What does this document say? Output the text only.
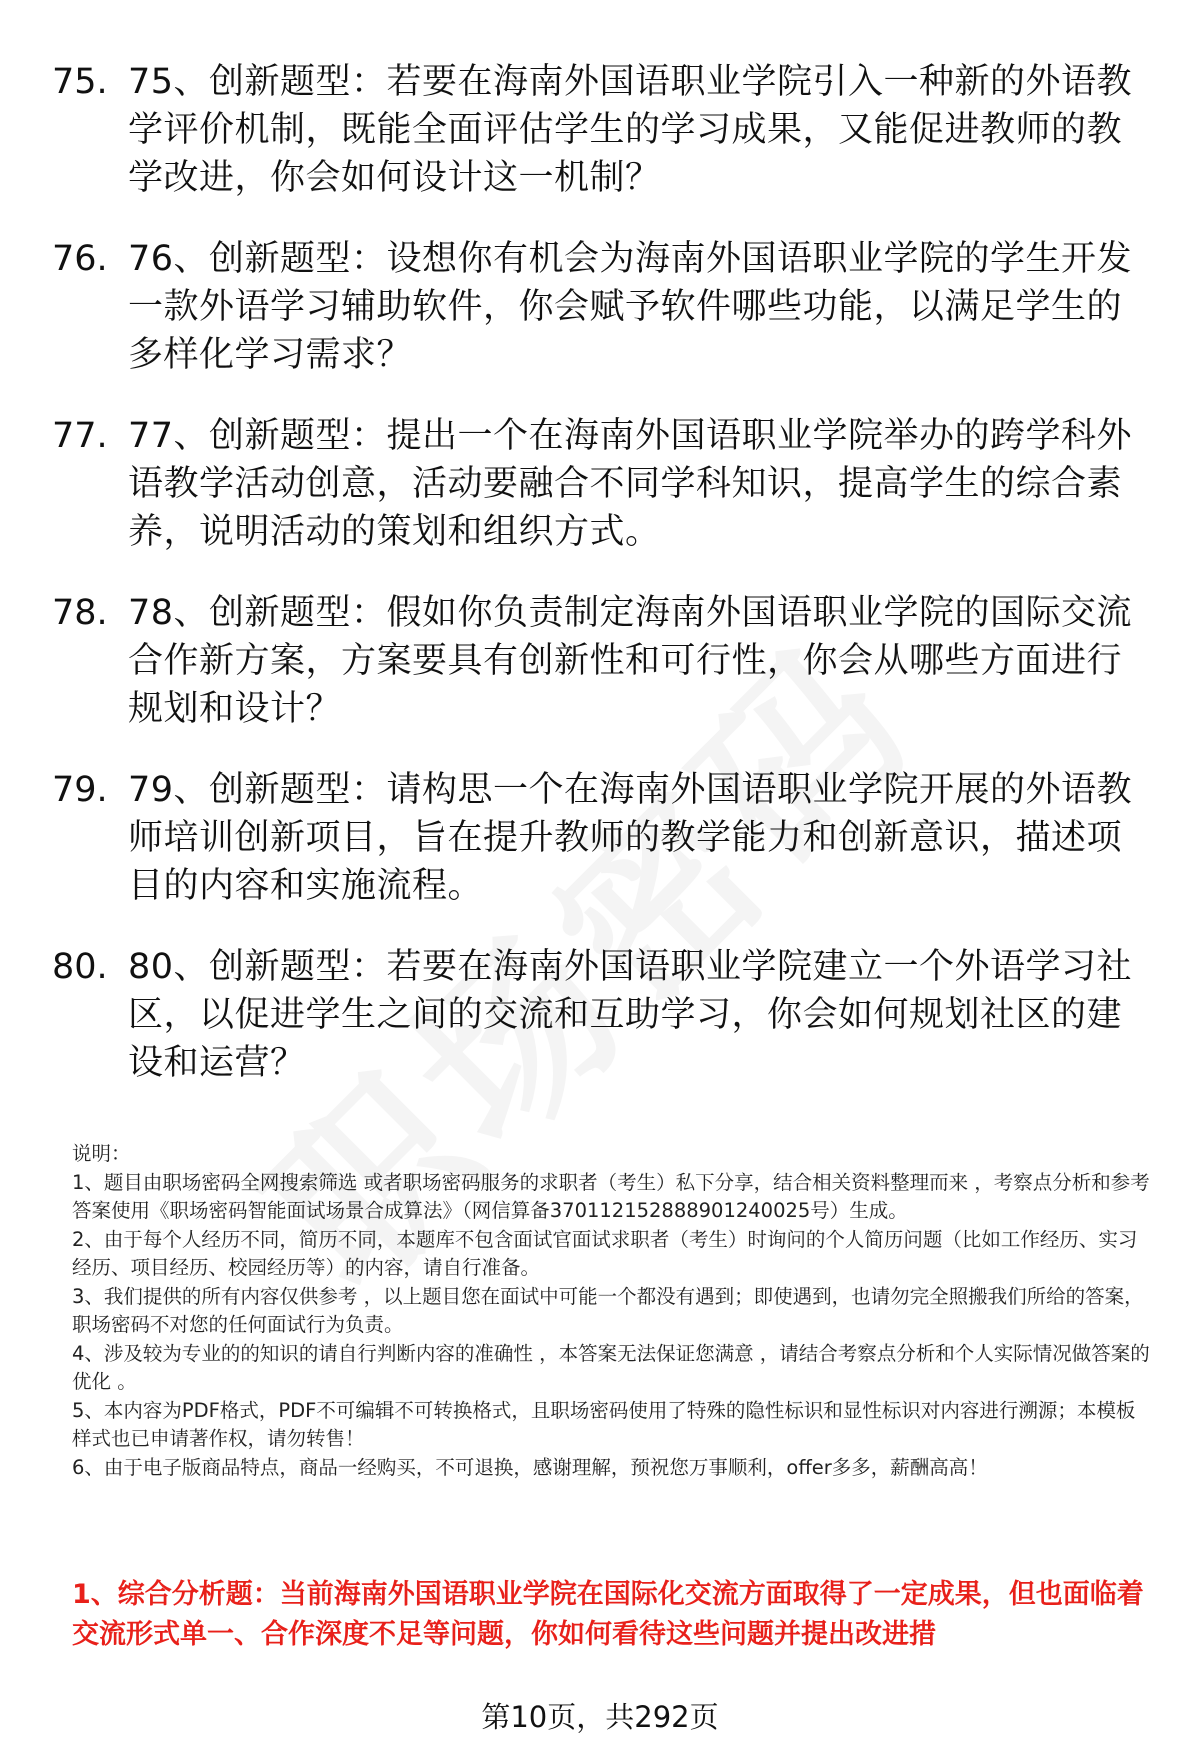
75. 75、创新题型：若要在海南外国语职业学院引入一种新的外语教学评价机制，既能全面评估学生的学习成果，又能促进教师的教学改进，你会如何设计这一机制？
76. 76、创新题型：设想你有机会为海南外国语职业学院的学生开发一款外语学习辅助软件，你会赋予软件哪些功能，以满足学生的多样化学习需求？
77. 77、创新题型：提出一个在海南外国语职业学院举办的跨学科外语教学活动创意，活动要融合不同学科知识，提高学生的综合素养，说明活动的策划和组织方式。
78. 78、创新题型：假如你负责制定海南外国语职业学院的国际交流合作新方案，方案要具有创新性和可行性，你会从哪些方面进行规划和设计？
79. 79、创新题型：请构思一个在海南外国语职业学院开展的外语教师培训创新项目，旨在提升教师的教学能力和创新意识，描述项目的内容和实施流程。
80. 80、创新题型：若要在海南外国语职业学院建立一个外语学习社区，以促进学生之间的交流和互助学习，你会如何规划社区的建设和运营？

说明：

1、题目由职场密码全网搜索筛选 或者职场密码服务的求职者（考生）私下分享，结合相关资料整理而来 ，考察点分析和参考答案使用《职场密码智能面试场景合成算法》（网信算备370112152888901240025号）生成。

2、由于每个人经历不同，简历不同，本题库不包含面试官面试求职者（考生）时询问的个人简历问题（比如工作经历、实习经历、项目经历、校园经历等）的内容，请自行准备。

3、我们提供的所有内容仅供参考 ，以上题目您在面试中可能一个都没有遇到；即使遇到，也请勿完全照搬我们所给的答案，职场密码不对您的任何面试行为负责。

4、涉及较为专业的的知识的请自行判断内容的准确性 ，本答案无法保证您满意 ，请结合考察点分析和个人实际情况做答案的优化 。

5、本内容为PDF格式，PDF不可编辑不可转换格式，且职场密码使用了特殊的隐性标识和显性标识对内容进行溯源；本模板样式也已申请著作权，请勿转售！

6、由于电子版商品特点，商品一经购买，不可退换，感谢理解，预祝您万事顺利，offer多多，薪酬高高！

1、综合分析题：当前海南外国语职业学院在国际化交流方面取得了一定成果，但也面临着交流形式单一、合作深度不足等问题，你如何看待这些问题并提出改进措
第10页，共292页
